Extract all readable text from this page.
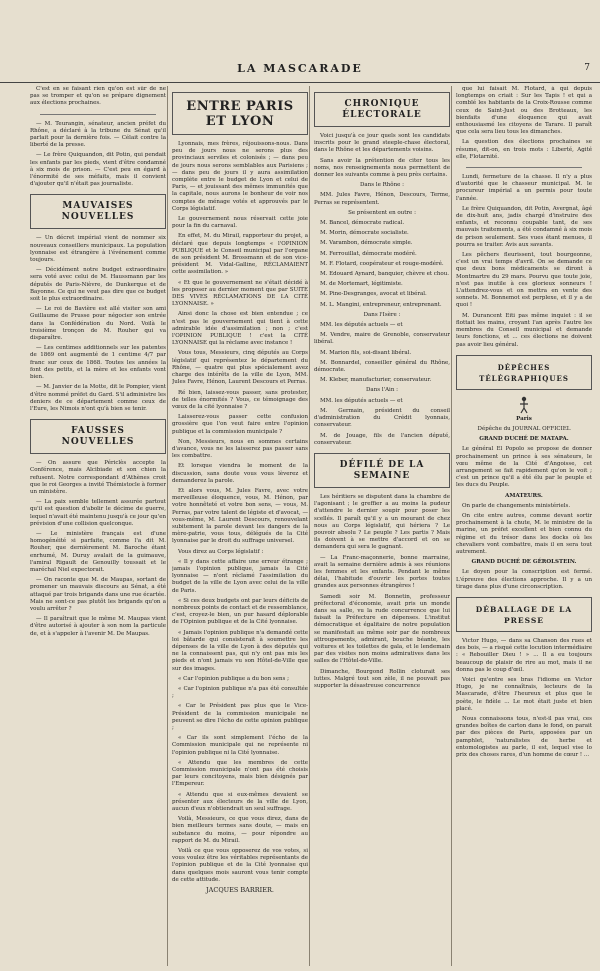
LA MASCARADE	7

C'est en se faisant rien qu'on est sûr de ne pas se tromper et qu'on se prépare dignement aux élections prochaines.

— M. Teurangin, sénateur, ancien préfet du Rhône, a déclaré à la tribune du Sénat qu'il parlait pour la dernière fois. — Célait contre la liberté de la presse.

— Le frère Quiquandon, dit Potin, qui pendait les enfants par les pieds, vient d'être condamné à six mois de prison. — C'est peu en égard à l'énormité de ses méfaits, mais il convient d'ajouter qu'il n'était pas journaliste.

MAUVAISES NOUVELLES

— Un décret impérial vient de nommer six nouveaux conseillers municipaux. La population lyonnaise est étrangère à l'événement comme toujours.

— Décidément notre budget extraordinaire sera voté avec celui de M. Haussmann par les députés de Paris-Nièvre, de Dunkerque et de Bayonne. Ce qui ne veut pas dire que ce budget soit le plus extraordinaire.

— Le roi de Bavière est allé visiter son ami Guillaume de Prusse pour négocier son entrée dans la Confédération du Nord. Voilà le troisième tronçon de M. Rouher qui va disparaître.

— Les centimes additionnels sur les patentes de 1869 ont augmenté de 1 centime 4/7 par franc sur ceux de 1868. Toutes les années la font des petits, et la mère et les enfants vont bien.

— M. Janvier de la Motte, dit le Pompier, vient d'être nommé préfet du Gard. S'il administre les deniers de ce département comme ceux de l'Eure, les Nimois n'ont qu'à bien se tenir.

FAUSSES NOUVELLES

— On assure que Périclès accepte la Conférence, mais Alcibiade et son chien la refusent. Notre correspondant d'Athènes croit que le roi Georges a invité Thémistocle à former un ministère.

— La paix semble tellement assurée partout qu'il est question d'abolir le décime de guerre, lequel n'avait été maintenu jusqu'à ce jour qu'en prévision d'une collision quelconque.

— Le ministère français est d'une homogénéité si parfaite, comme l'a dit M. Rouher, que dernièrement M. Baroche étant enrhumé, M. Duruy avalait de la guimauve, l'amiral Rigault de Genouilly toussait et le maréchal Niel expectorait.

— On raconte que M. de Maupas, sortant de promener un mauvais discours au Sénat, a été attaqué par trois brigands dans une rue écartée. Mais ne sont-ce pas plutôt les brigands qu'on a voulu arrêter ?

— Il paraîtrait que le même M. Maupas vient d'être autorisé à ajouter à son nom la particule de, et à s'appeler à l'avenir M. De Maupas.

ENTRE PARIS ET LYON

Lyonnais, mes frères, réjouissons-nous. Dans peu de jours nous ne serons plus des provinciaux serviles et colonisés ; — dans peu de jours nous serons semblables aux Parisiens ; — dans peu de jours il y aura assimilation complète entre le budget de Lyon et celui de Paris, — et jouissant des mêmes immunités que la capitale, nous aurons le bonheur de voir nos comptes de ménage votés et approuvés par le Corps législatif.

Le gouvernement nous réservait cette joie pour la fin du carnaval.

En effet, M. du Mirail, rapporteur du projet, a déclaré que depuis longtemps « l'OPINION PUBLIQUE et le Conseil municipal par l'organe de son président M. Brossmann et de son vice-président M. Vidal-Galline, RÉCLAMAIENT cette assimilation. »

« Et que le gouvernement ne s'était décidé à les proposer au dernier moment que par SUITE DES VIVES RÉCLAMATIONS DE LA CITÉ LYONNAISE. »

Ainsi donc la chose est bien entendue ; ce n'est pas le gouvernement qui tient à cette admirable idée d'assimilation ; non ; c'est l'OPINION PUBLIQUE ! c'est la CITÉ LYONNAISE qui la réclame avec instance !

Vous tous, Messieurs, cinq députés au Corps législatif qui représentez le département du Rhône, — quatre qui plus spécialement avez charge des intérêts de la ville de Lyon, MM. Jules Favre, Hénon, Laurent Descours et Perras.

Ré bien, laissez-vous passer, sans protester, de telles énormités ? Vous, ce témoignage des vœux de la cité lyonnaise ?

Laisserez-vous passer cette confusion grossière que l'on veut faire entre l'opinion publique et la commission municipale ?

Non, Messieurs, nous en sommes certains d'avance, vous ne les laisserez pas passer sans les combattre.

Et lorsque viendra le moment de la discussion, sans doute vous vous lèverez et demanderez la parole.

Et alors vous, M. Jules Favre, avec votre merveilleuse éloquence, vous, M. Hénon, par votre honnêteté et votre bon sens, — vous, M. Perras, par votre talent de légiste et d'avocat, — vous-même, M. Laurent Descours, renouvelant subitement la parole devant les dangers de la mère-patrie, vous tous, délégués de la Cité lyonnaise par le droit du suffrage universel.

Vous direz au Corps législatif :

« Il y dans cette affaire une erreur étrange ; jamais l'opinion publique, jamais la Cité lyonnaise — n'ont réclamé l'assimilation du budget de la ville de Lyon avec celui de la ville de Paris.

« Si ces deux budgets ont par leurs déficits de nombreux points de contact et de ressemblance, c'est, croyez-le bien, un pur hasard déplorable de l'Opinion publique et de la Cité lyonnaise.

« Jamais l'opinion publique n'a demandé cette loi bâtarde qui consisterait à soumettre les dépenses de la ville de Lyon à des députés qui ne la connaissent pas, qui n'y ont pas mis les pieds et n'ont jamais vu son Hôtel-de-Ville que sur des images.

« Car l'opinion publique a du bon sens ;

« Car l'opinion publique n'a pas été consultée ;

« Car le Président pas plus que le Vice-Président de la commission municipale ne peuvent se dire l'écho de cette opinion publique ;

« Car ils sont simplement l'écho de la Commission municipale qui ne représente ni l'opinion publique ni la Cité lyonnaise.

« Attendu que les membres de cette Commission municipale n'ont pas été choisis par leurs concitoyens, mais bien désignés par l'Empereur.

« Attendu que si eux-mêmes devaient se présenter aux électeurs de la ville de Lyon, aucun d'eux n'obtiendrait un seul suffrage.

Voilà, Messieurs, ce que vous direz, dans de bien meilleurs termes sans doute, — mais en substance du moins, — pour répondre au rapport de M. du Mirail.

Voilà ce que vous opposerez de vos votes, si vous voulez être les véritables représentants de l'opinion publique et de la Cité lyonnaise qui dans quelques mois sauront vous tenir compte de cette attitude.

JACQUES BARRIER.

CHRONIQUE ÉLECTORALE

Voici jusqu'à ce jour quels sont les candidats inscrits pour le grand steeple-chase électoral, dans le Rhône et les départements voisins.

Sans avoir la prétention de citer tous les noms, nos renseignements nous permettent de donner les suivants comme à peu près certains.

Dans le Rhône :

MM. Jules Favre, Hénon, Descours, Terme, Perras se représentent.

Se présentent en outre :

M. Bancel, démocrate radical.

M. Morin, démocrate socialiste.

M. Varambon, démocrate simple.

M. Ferrouillat, démocrate modéré.

M. F. Flotard, coopérateur et rouge-modéré.

M. Edouard Aynard, banquier, chèvre et chou.

M. de Mortemart, légitimiste.

M. Pine-Desgranges, avocat et libéral.

M. L. Mangini, entrepreneur, entreprenant.

Dans l'Isère :

MM. les députés actuels — et

M. Vendre, maire de Grenoble, conservateur libéral.

M. Marion fils, soi-disant libéral.

M. Bonnardel, conseiller général du Rhône, démocrate.

M. Kleber, manufacturier, conservateur.

Dans l'Ain :

MM. les députés actuels — et

M. Germain, président du conseil d'administration du Crédit lyonnais, conservateur.

M. de Jouage, fils de l'ancien député, conservateur.

DÉFILÉ DE LA SEMAINE

Les héritiers se disputent dans la chambre de l'agonisant ; le greffier a au moins la pudeur d'attendre le dernier soupir pour poser les scellés. Il paraît qu'il y a un mourant de chez nous au Corps législatif, qui hériera ? Le pouvoir absolu ? Le peuple ? Les partis ? Mais ils doivent à se mettre d'accord et on se demandera qui sera le gagnant.

— La Franc-maçonnerie, bonne marraine, avait la semaine dernière admis à ses réunions les femmes et les enfants. Pendant le même délai, l'habitude d'ouvrir les portes toutes grandes aux personnes étrangères !

Samedi soir M. Bonnetin, professeur préfectoral d'économie, avait pris un monde dans sa salle, vu la rude concurrence que lui faisait la Préfecture en dépenses. L'institut démocratique et égalitaire de notre population se manifestait au même soir par de nombreux attroupements, admirant, bouche béante, les voitures et les toilettes de gala, et le lendemain par des visites non moins admiratives dans les salles de l'Hôtel-de-Ville.

Dimanche, Bourgond Rollin cloturait ses luttes. Malgré tout son zèle, il ne pouvait pas supporter la désastreuse concurrence

que lui faisait M. Flotard, à qui depuis longtemps on criait : Sur les Tapis ! et qui a comblé les habitants de la Croix-Rousse comme ceux de Saint-Just ou des Brotteaux, les bienfaits d'une éloquence qui avait enthousiasmé les citoyens de Tarare. Il paraît que cela sera lieu tous les dimanches.

La question des élections prochaines se résume, dit-on, en trois mots : Liberté, Agité elle, Flotarnité.

Lundi, fermeture de la chasse. Il n'y a plus d'autorité que le chasseur municipal. M. le procureur impérial a un permis pour toute l'année.

Le frère Quiquandon, dit Potin, Avergnat, âgé de dix-huit ans, jadis chargé d'instruire des enfants, et reconnu coupable tant, de ses mauvais traitements, a été condamné à six mois de prison seulement. Ses vues étant menues, il pourra se traiter. Avis aux savants.

Les pêchers fleurissent, tout bourgeonne, c'est un vrai temps d'avril. On se demande ce que deux bons médicaments se diront à Montmartre du 29 mars. Pourvu que toute joie, n'est pas inutile à ces glorieux sonneurs ! L'attendrez-vous et on mettra en vente des sonnets. M. Bonnemot est perplexe, et il y a de quoi !

M. Durancent Eiti pas même inquiet : il se flottait les mains, croyant l'an après l'autre les membres du Conseil municipal et demande leurs fonctions, et ... ces élections ne doivent pas avoir lieu général.

DÉPÊCHES TÉLÉGRAPHIQUES

Paris

Dépêche du JOURNAL OFFICIEL

GRAND DUCHÉ DE MATAPA.

Le général El Popolo se propose de donner prochainement un prince à ses sénateurs, le vœu même de la Cité d'Angoisse, cet arrangement se fait rapidement qu'on le voit ; c'est un prince qu'il a été élu par le peuple et les ducs du Peuple.

AMATEURS.

On parle de changements ministériels.

On cite entre autres, comme devant sortir prochainement à la chute, M. le ministre de la marine, un préfet excellent et bien connu du régime et du trésor dans les docks où les chevaliers vont combattre, mais il en sera tout autrement.

GRAND DUCHÉ DE GÉROLSTEIN.

Le doyen pour la conscription est fermé. L'épreuve des élections approche. Il y a un tirage dans plus d'une circonscription.

DÉBALLAGE DE LA PRESSE

Victor Hugo, — dans sa Chanson des rues et des bois, — a risqué cette locution intermédiaire : « Rebouiller Dieu ! » ... Il a eu toujours beaucoup de plaisir de rire au mot, mais il ne donna pas le coup d'œil.

Voici qu'entre ses bras l'idiome en Victor Hugo, je ne connaîtrais, lecteurs de la Mascarade, d'être l'heureux et plus que le poète, le fidèle ... Le mot était juste et bien placé.

Nous connaissons tous, n'est-il pas vrai, ces grandes boîtes de carton dans le fond, on parait par des pièces de Paris, apposées par un pamphlet, 'naturalistes de herbe et entomologistes au parle, il est, lequel vise lo prix des choses rares, d'un homme de cœur ! ...
